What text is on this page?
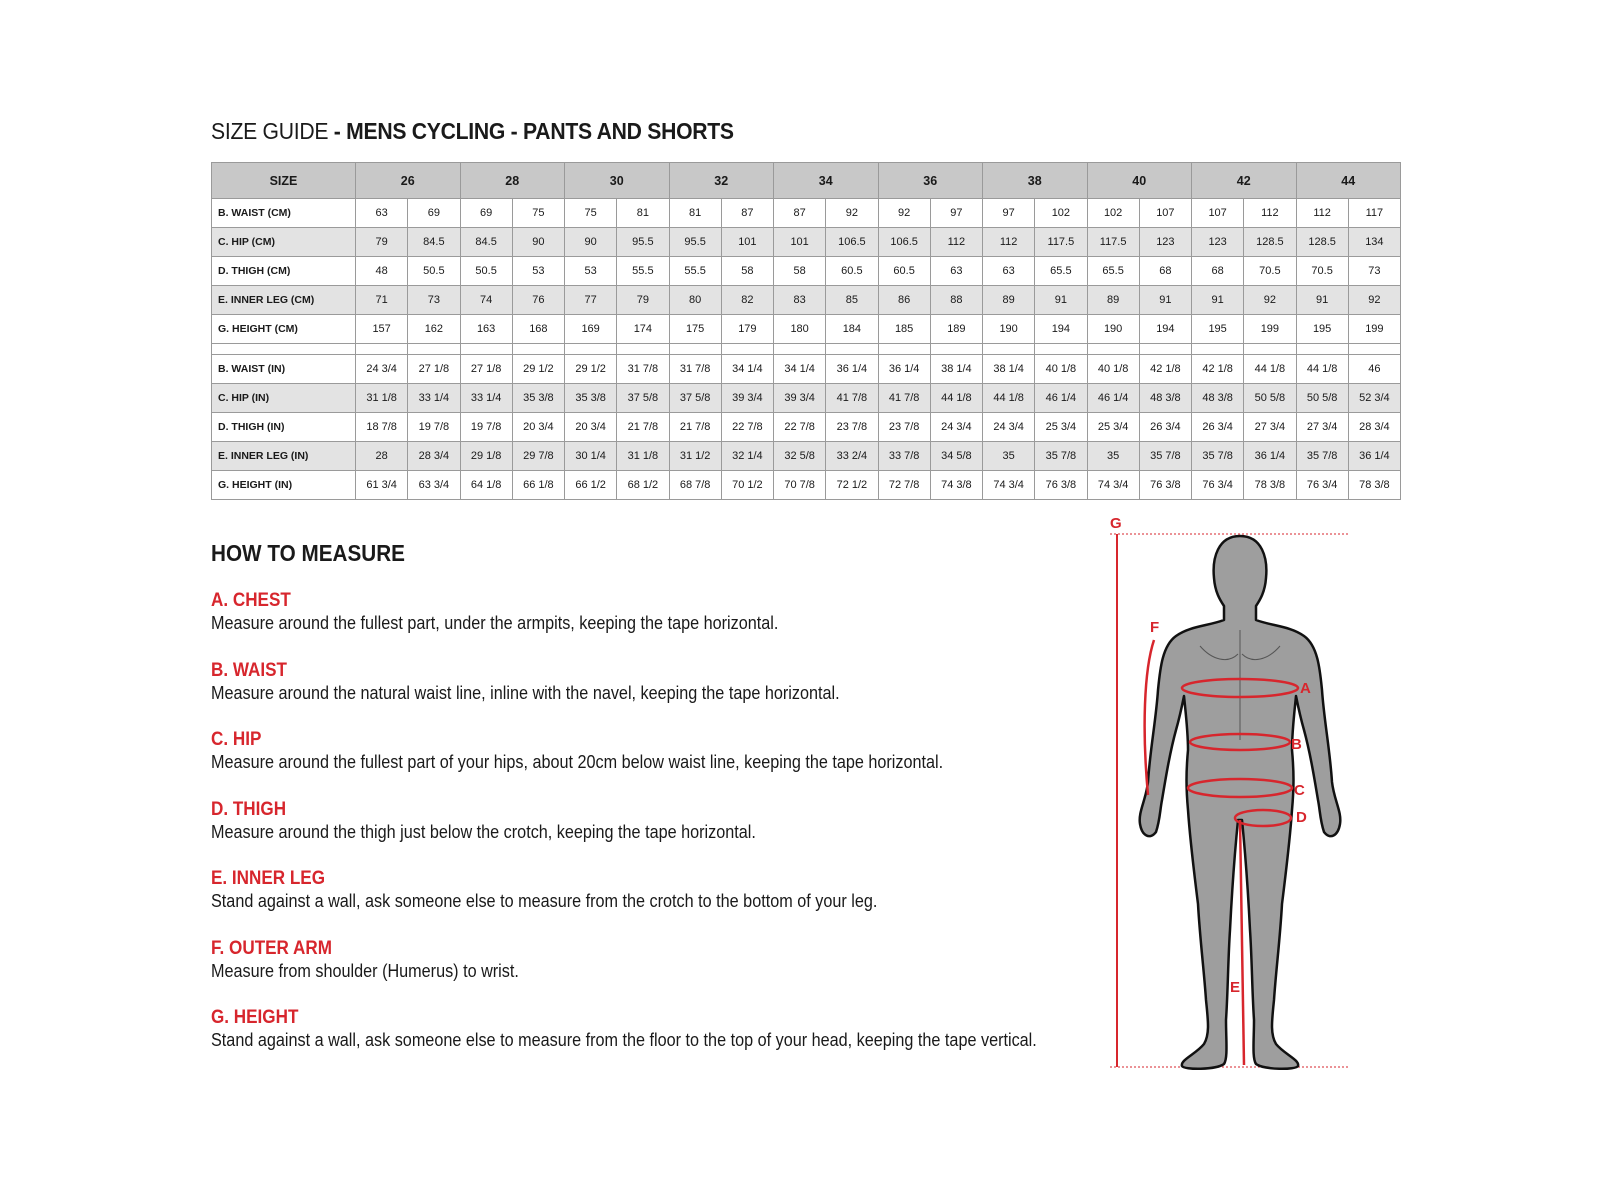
SIZE GUIDE - MENS CYCLING - PANTS AND SHORTS
SIZE	26		28		30		32		34		36		38		40		42		44	
B. WAIST (CM)	63	69	69	75	75	81	81	87	87	92	92	97	97	102	102	107	107	112	112	117
C. HIP (CM)	79	84.5	84.5	90	90	95.5	95.5	101	101	106.5	106.5	112	112	117.5	117.5	123	123	128.5	128.5	134
D. THIGH (CM)	48	50.5	50.5	53	53	55.5	55.5	58	58	60.5	60.5	63	63	65.5	65.5	68	68	70.5	70.5	73
E. INNER LEG (CM)	71	73	74	76	77	79	80	82	83	85	86	88	89	91	89	91	91	92	91	92
G. HEIGHT (CM)	157	162	163	168	169	174	175	179	180	184	185	189	190	194	190	194	195	199	195	199

B. WAIST (IN)	24 3/4	27 1/8	27 1/8	29 1/2	29 1/2	31 7/8	31 7/8	34 1/4	34 1/4	36 1/4	36 1/4	38 1/4	38 1/4	40 1/8	40 1/8	42 1/8	42 1/8	44 1/8	44 1/8	46
C. HIP (IN)	31 1/8	33 1/4	33 1/4	35 3/8	35 3/8	37 5/8	37 5/8	39 3/4	39 3/4	41 7/8	41 7/8	44 1/8	44 1/8	46 1/4	46 1/4	48 3/8	48 3/8	50 5/8	50 5/8	52 3/4
D. THIGH (IN)	18 7/8	19 7/8	19 7/8	20 3/4	20 3/4	21 7/8	21 7/8	22 7/8	22 7/8	23 7/8	23 7/8	24 3/4	24 3/4	25 3/4	25 3/4	26 3/4	26 3/4	27 3/4	27 3/4	28 3/4
E. INNER LEG (IN)	28	28 3/4	29 1/8	29 7/8	30 1/4	31 1/8	31 1/2	32 1/4	32 5/8	33 2/4	33 7/8	34 5/8	35	35 7/8	35	35 7/8	35 7/8	36 1/4	35 7/8	36 1/4
G. HEIGHT (IN)	61 3/4	63 3/4	64 1/8	66 1/8	66 1/2	68 1/2	68 7/8	70 1/2	70 7/8	72 1/2	72 7/8	74 3/8	74 3/4	76 3/8	74 3/4	76 3/8	76 3/4	78 3/8	76 3/4	78 3/8
HOW TO MEASURE
A. CHEST
Measure around the fullest part, under the armpits, keeping the tape horizontal.
B. WAIST
Measure around the natural waist line, inline with the navel, keeping the tape horizontal.
C. HIP
Measure around the fullest part of your hips, about 20cm below waist line, keeping the tape horizontal.
D. THIGH
Measure around the thigh just below the crotch, keeping the tape horizontal.
E. INNER LEG
Stand against a wall, ask someone else to measure from the crotch to the bottom of your leg.
F. OUTER ARM
Measure from shoulder (Humerus) to wrist.
G. HEIGHT
Stand against a wall, ask someone else to measure from the floor to the top of your head, keeping the tape vertical.
G
A
B
C
D
E
F
